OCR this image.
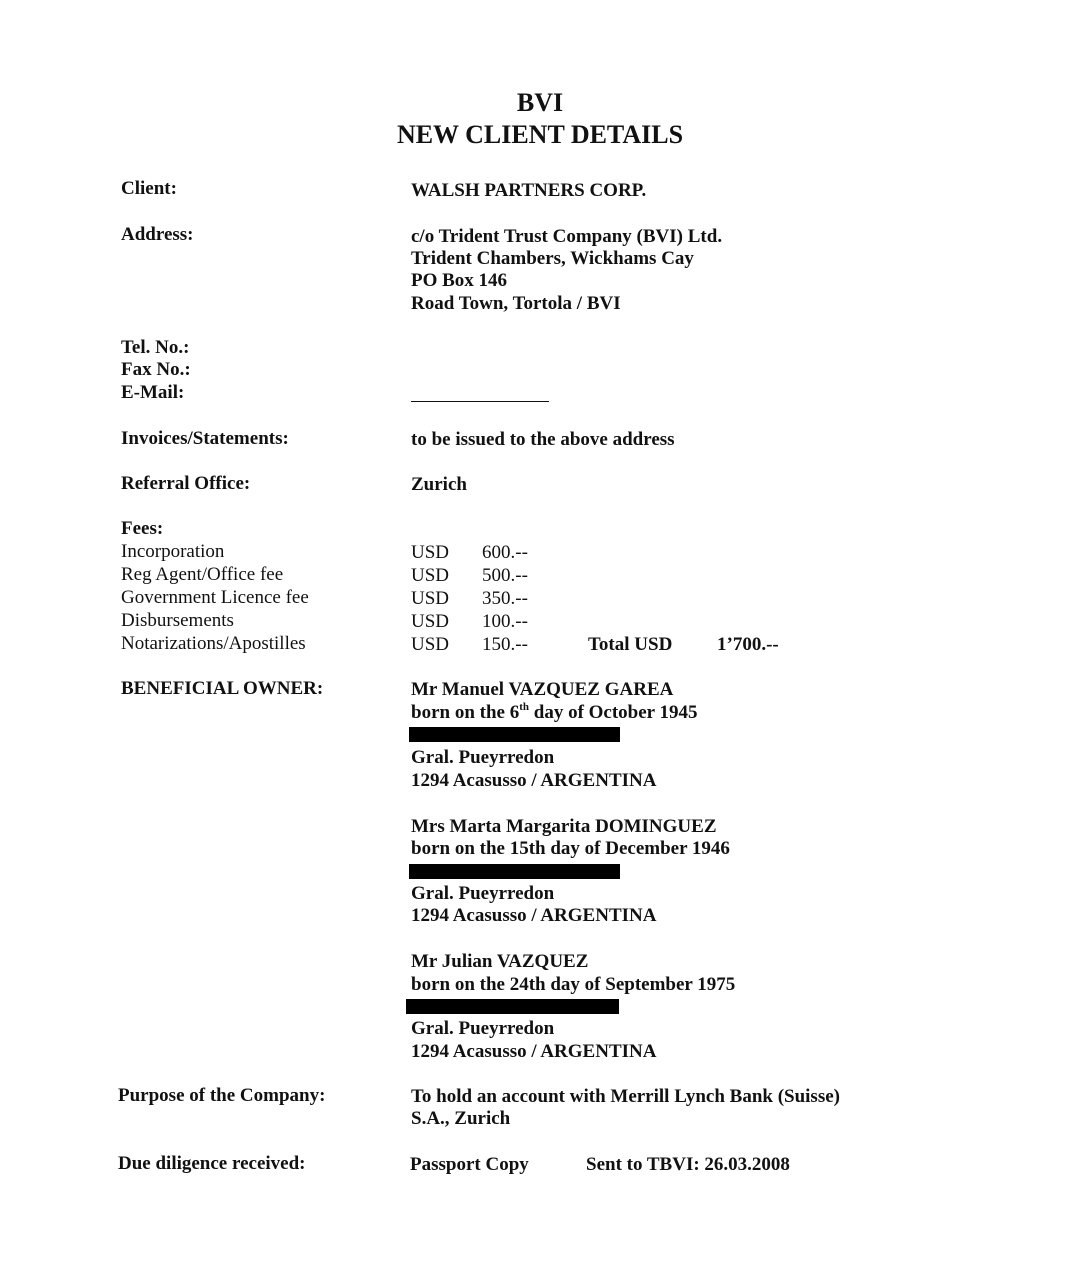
BVI
NEW CLIENT DETAILS
Client:	WALSH PARTNERS CORP.
Address:	c/o Trident Trust Company (BVI) Ltd.
Trident Chambers, Wickhams Cay
PO Box 146
Road Town, Tortola / BVI
Tel. No.:
Fax No.:
E-Mail:
Invoices/Statements:	to be issued to the above address
Referral Office:	Zurich
Fees:
Incorporation	USD 600.--
Reg Agent/Office fee	USD 500.--
Government Licence fee	USD 350.--
Disbursements	USD 100.--
Notarizations/Apostilles	USD 150.--	Total USD 1’700.--
BENEFICIAL OWNER:	Mr Manuel VAZQUEZ GAREA
born on the 6th day of October 1945
Gral. Pueyrredon
1294 Acasusso / ARGENTINA
Mrs Marta Margarita DOMINGUEZ
born on the 15th day of December 1946
Gral. Pueyrredon
1294 Acasusso / ARGENTINA
Mr Julian VAZQUEZ
born on the 24th day of September 1975
Gral. Pueyrredon
1294 Acasusso / ARGENTINA
Purpose of the Company:	To hold an account with Merrill Lynch Bank (Suisse)
S.A., Zurich
Due diligence received:	Passport Copy	Sent to TBVI: 26.03.2008
